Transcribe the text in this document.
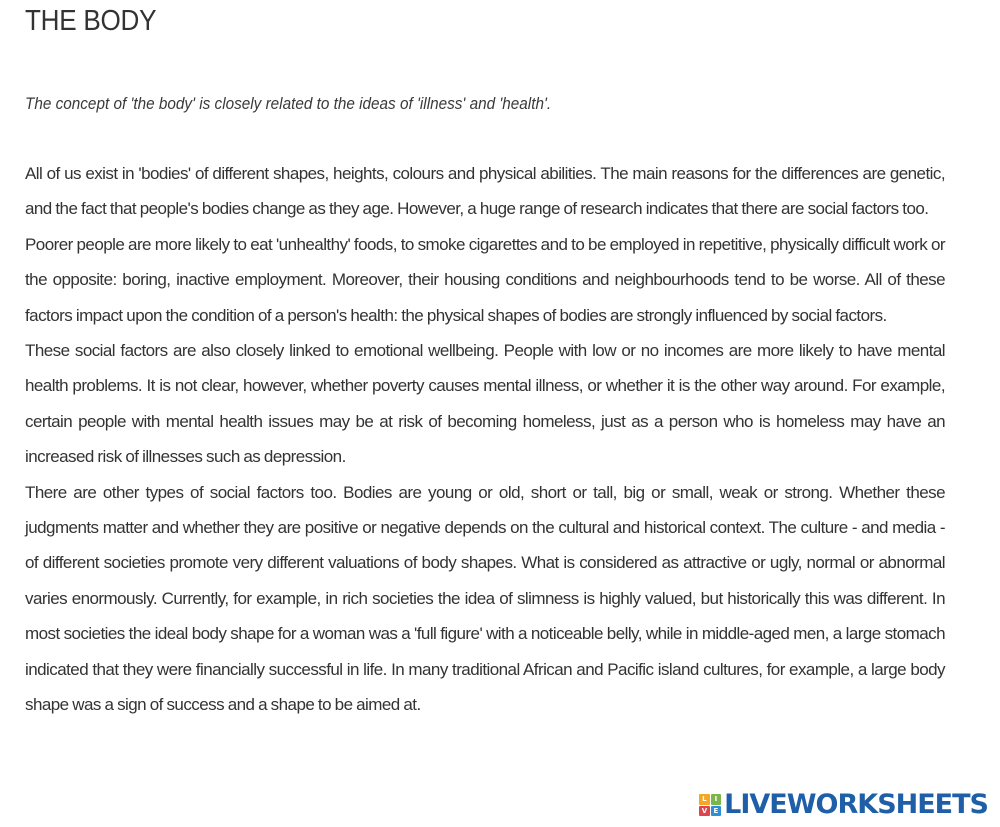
THE BODY
The concept of 'the body' is closely related to the ideas of 'illness' and 'health'.

All of us exist in 'bodies' of different shapes, heights, colours and physical abilities. The main reasons for the differences are genetic, and the fact that people's bodies change as they age. However, a huge range of research indicates that there are social factors too.

Poorer people are more likely to eat 'unhealthy' foods, to smoke cigarettes and to be employed in repetitive, physically difficult work or the opposite: boring, inactive employment. Moreover, their housing conditions and neighbourhoods tend to be worse. All of these factors impact upon the condition of a person's health: the physical shapes of bodies are strongly influenced by social factors.

These social factors are also closely linked to emotional wellbeing. People with low or no incomes are more likely to have mental health problems. It is not clear, however, whether poverty causes mental illness, or whether it is the other way around. For example, certain people with mental health issues may be at risk of becoming homeless, just as a person who is homeless may have an increased risk of illnesses such as depression.

There are other types of social factors too. Bodies are young or old, short or tall, big or small, weak or strong. Whether these judgments matter and whether they are positive or negative depends on the cultural and historical context. The culture - and media - of different societies promote very different valuations of body shapes. What is considered as attractive or ugly, normal or abnormal varies enormously. Currently, for example, in rich societies the idea of slimness is highly valued, but historically this was different. In most societies the ideal body shape for a woman was a 'full figure' with a noticeable belly, while in middle-aged men, a large stomach indicated that they were financially successful in life. In many traditional African and Pacific island cultures, for example, a large body shape was a sign of success and a shape to be aimed at.

L	I
V E LIVEWORKSHEETS
